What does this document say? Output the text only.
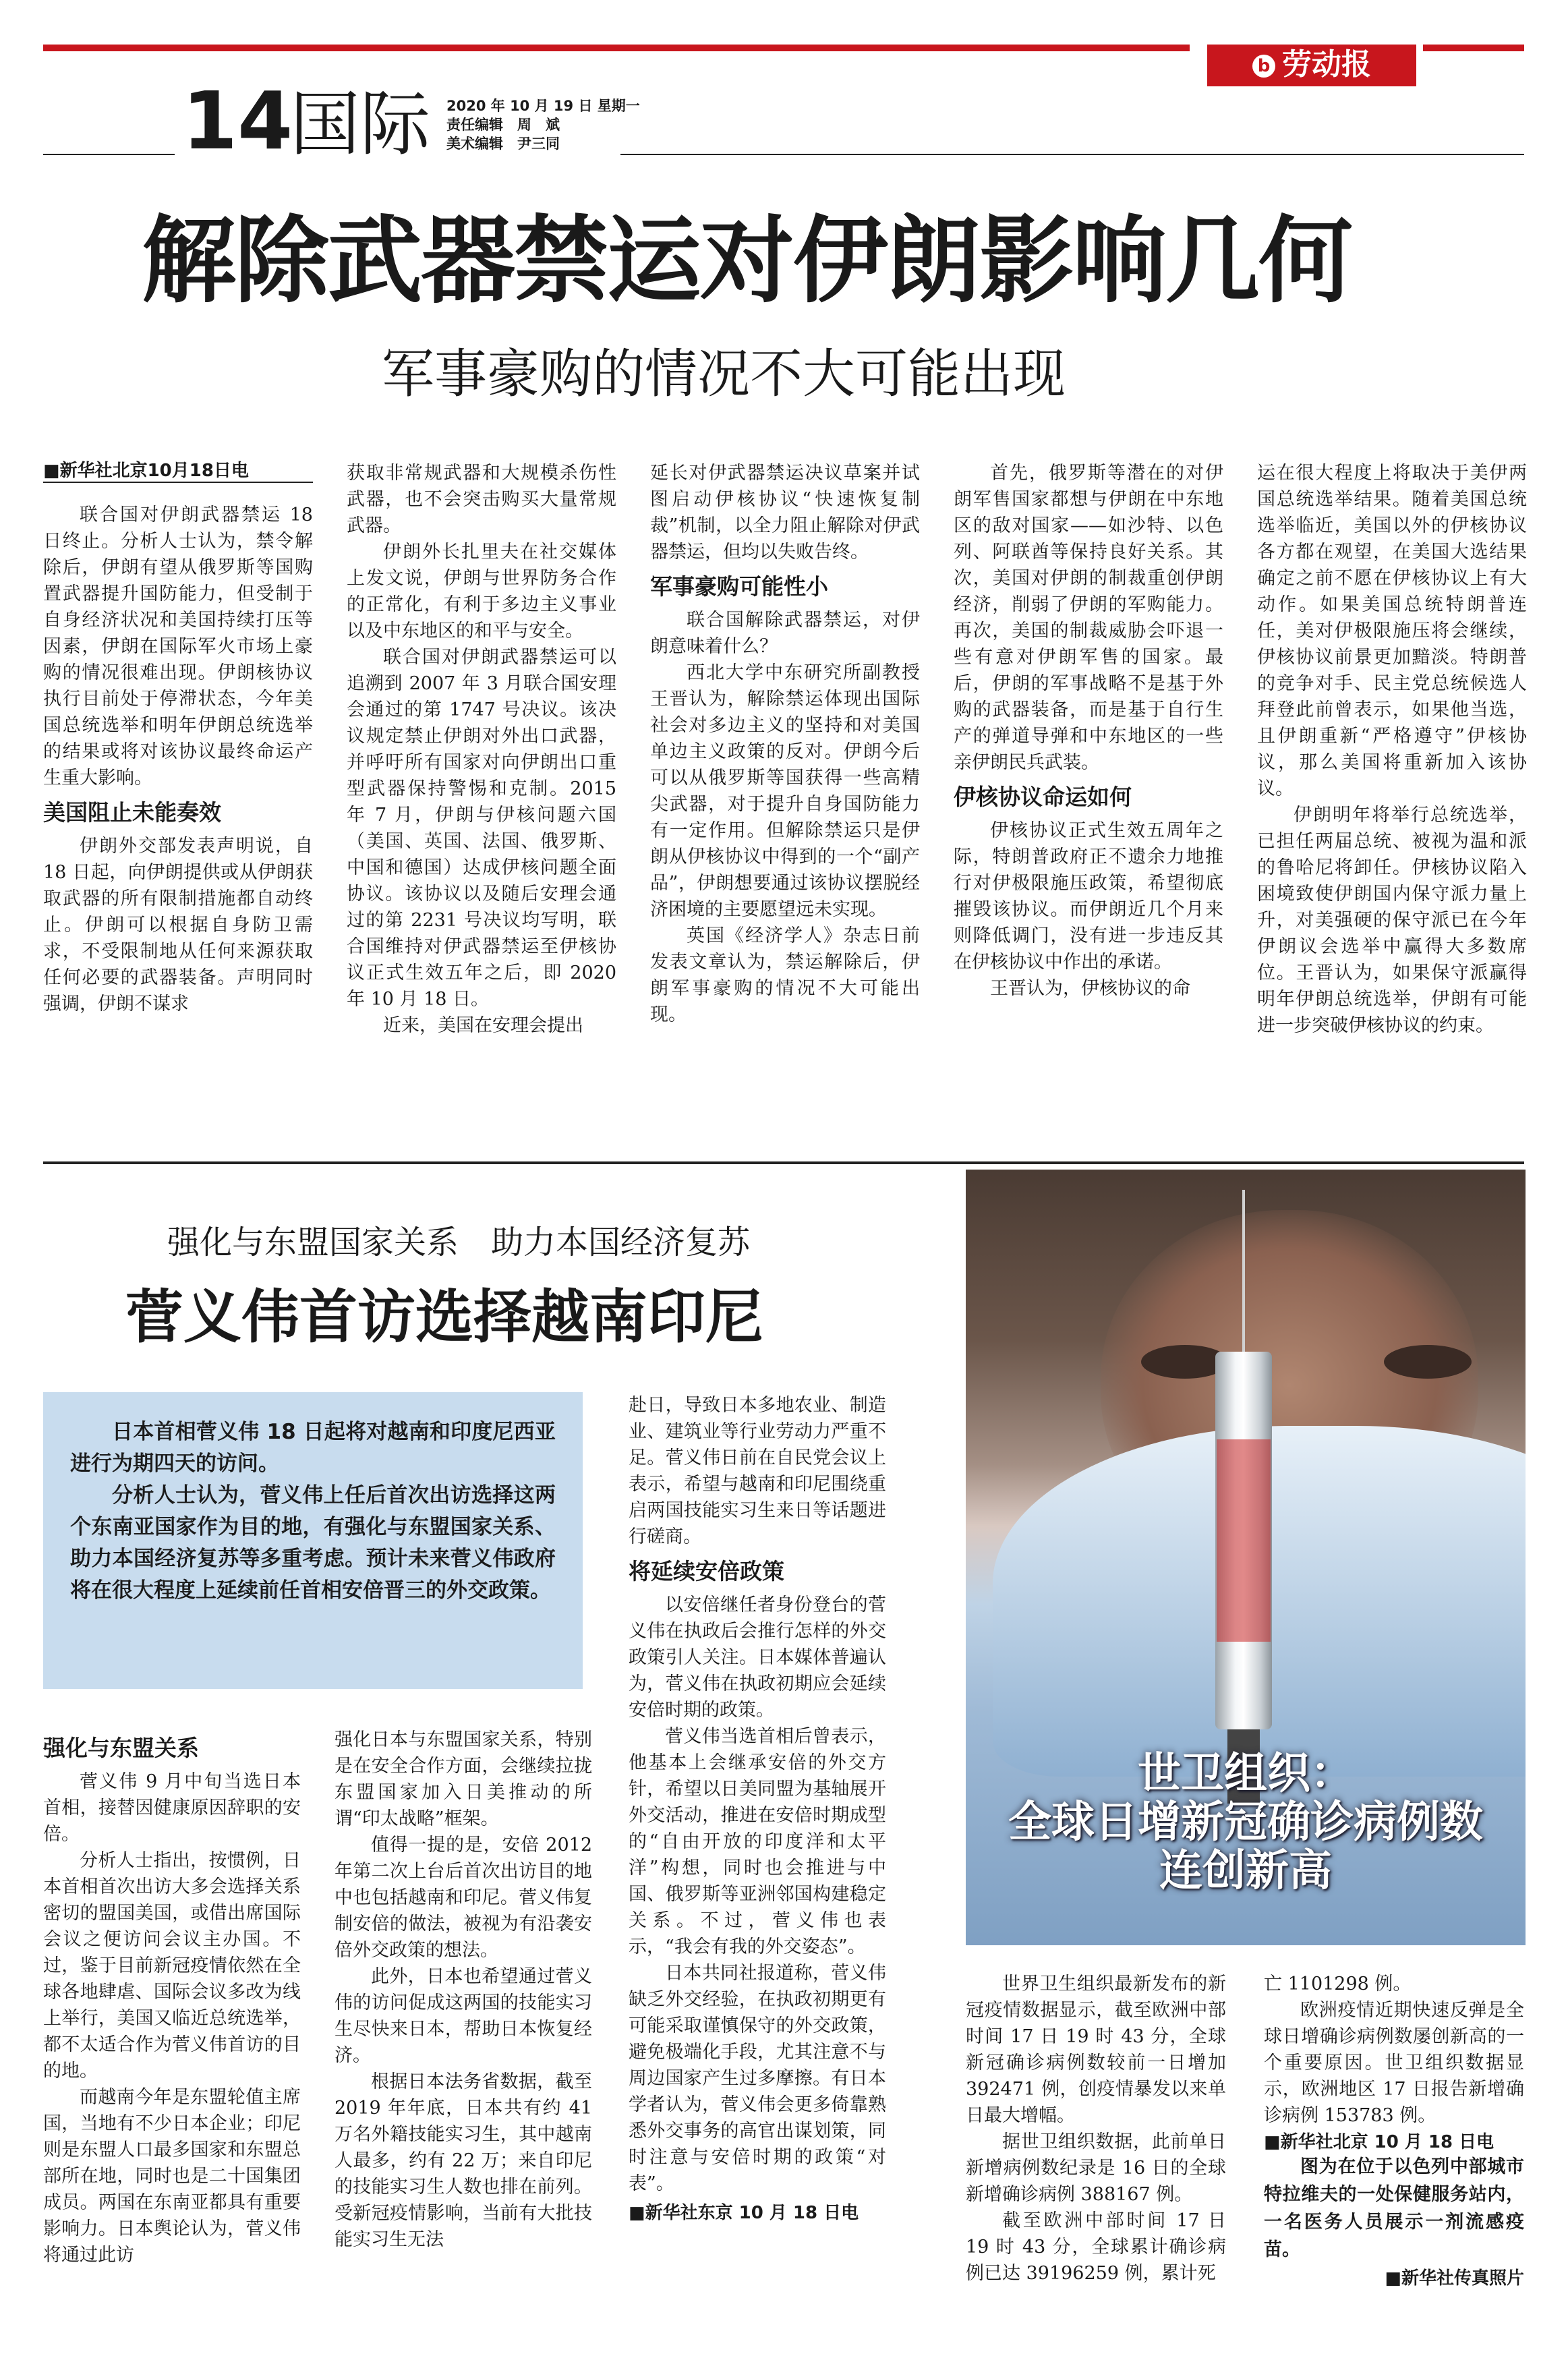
b 劳动报
14
国际 2020 年 10 月 19 日 星期一
责任编辑　周　斌
美术编辑　尹三同
解除武器禁运对伊朗影响几何
军事豪购的情况不大可能出现
■新华社北京10月18日电

联合国对伊朗武器禁运 18 日终止。分析人士认为，禁令解除后，伊朗有望从俄罗斯等国购置武器提升国防能力，但受制于自身经济状况和美国持续打压等因素，伊朗在国际军火市场上豪购的情况很难出现。伊朗核协议执行目前处于停滞状态，今年美国总统选举和明年伊朗总统选举的结果或将对该协议最终命运产生重大影响。

美国阻止未能奏效

伊朗外交部发表声明说，自 18 日起，向伊朗提供或从伊朗获取武器的所有限制措施都自动终止。伊朗可以根据自身防卫需求，不受限制地从任何来源获取任何必要的武器装备。声明同时强调，伊朗不谋求

获取非常规武器和大规模杀伤性武器，也不会突击购买大量常规武器。

伊朗外长扎里夫在社交媒体上发文说，伊朗与世界防务合作的正常化，有利于多边主义事业以及中东地区的和平与安全。

联合国对伊朗武器禁运可以追溯到 2007 年 3 月联合国安理会通过的第 1747 号决议。该决议规定禁止伊朗对外出口武器，并呼吁所有国家对向伊朗出口重型武器保持警惕和克制。2015 年 7 月，伊朗与伊核问题六国（美国、英国、法国、俄罗斯、中国和德国）达成伊核问题全面协议。该协议以及随后安理会通过的第 2231 号决议均写明，联合国维持对伊武器禁运至伊核协议正式生效五年之后，即 2020 年 10 月 18 日。

近来，美国在安理会提出

延长对伊武器禁运决议草案并试图启动伊核协议“快速恢复制裁”机制，以全力阻止解除对伊武器禁运，但均以失败告终。

军事豪购可能性小

联合国解除武器禁运，对伊朗意味着什么？

西北大学中东研究所副教授王晋认为，解除禁运体现出国际社会对多边主义的坚持和对美国单边主义政策的反对。伊朗今后可以从俄罗斯等国获得一些高精尖武器，对于提升自身国防能力有一定作用。但解除禁运只是伊朗从伊核协议中得到的一个“副产品”，伊朗想要通过该协议摆脱经济困境的主要愿望远未实现。

英国《经济学人》杂志日前发表文章认为，禁运解除后，伊朗军事豪购的情况不大可能出现。

首先，俄罗斯等潜在的对伊朗军售国家都想与伊朗在中东地区的敌对国家——如沙特、以色列、阿联酋等保持良好关系。其次，美国对伊朗的制裁重创伊朗经济，削弱了伊朗的军购能力。再次，美国的制裁威胁会吓退一些有意对伊朗军售的国家。最后，伊朗的军事战略不是基于外购的武器装备，而是基于自行生产的弹道导弹和中东地区的一些亲伊朗民兵武装。

伊核协议命运如何

伊核协议正式生效五周年之际，特朗普政府正不遗余力地推行对伊极限施压政策，希望彻底摧毁该协议。而伊朗近几个月来则降低调门，没有进一步违反其在伊核协议中作出的承诺。

王晋认为，伊核协议的命

运在很大程度上将取决于美伊两国总统选举结果。随着美国总统选举临近，美国以外的伊核协议各方都在观望，在美国大选结果确定之前不愿在伊核协议上有大动作。如果美国总统特朗普连任，美对伊极限施压将会继续，伊核协议前景更加黯淡。特朗普的竞争对手、民主党总统候选人拜登此前曾表示，如果他当选，且伊朗重新“严格遵守”伊核协议，那么美国将重新加入该协议。

伊朗明年将举行总统选举，已担任两届总统、被视为温和派的鲁哈尼将卸任。伊核协议陷入困境致使伊朗国内保守派力量上升，对美强硬的保守派已在今年伊朗议会选举中赢得大多数席位。王晋认为，如果保守派赢得明年伊朗总统选举，伊朗有可能进一步突破伊核协议的约束。

强化与东盟国家关系　助力本国经济复苏
菅义伟首访选择越南印尼

日本首相菅义伟 18 日起将对越南和印度尼西亚进行为期四天的访问。

分析人士认为，菅义伟上任后首次出访选择这两个东南亚国家作为目的地，有强化与东盟国家关系、助力本国经济复苏等多重考虑。预计未来菅义伟政府将在很大程度上延续前任首相安倍晋三的外交政策。

强化与东盟关系

菅义伟 9 月中旬当选日本首相，接替因健康原因辞职的安倍。

分析人士指出，按惯例，日本首相首次出访大多会选择关系密切的盟国美国，或借出席国际会议之便访问会议主办国。不过，鉴于目前新冠疫情依然在全球各地肆虐、国际会议多改为线上举行，美国又临近总统选举，都不太适合作为菅义伟首访的目的地。

而越南今年是东盟轮值主席国，当地有不少日本企业；印尼则是东盟人口最多国家和东盟总部所在地，同时也是二十国集团成员。两国在东南亚都具有重要影响力。日本舆论认为，菅义伟将通过此访

强化日本与东盟国家关系，特别是在安全合作方面，会继续拉拢东盟国家加入日美推动的所谓“印太战略”框架。

值得一提的是，安倍 2012 年第二次上台后首次出访目的地中也包括越南和印尼。菅义伟复制安倍的做法，被视为有沿袭安倍外交政策的想法。

此外，日本也希望通过菅义伟的访问促成这两国的技能实习生尽快来日本，帮助日本恢复经济。

根据日本法务省数据，截至 2019 年年底，日本共有约 41 万名外籍技能实习生，其中越南人最多，约有 22 万；来自印尼的技能实习生人数也排在前列。受新冠疫情影响，当前有大批技能实习生无法

赴日，导致日本多地农业、制造业、建筑业等行业劳动力严重不足。菅义伟日前在自民党会议上表示，希望与越南和印尼围绕重启两国技能实习生来日等话题进行磋商。

将延续安倍政策

以安倍继任者身份登台的菅义伟在执政后会推行怎样的外交政策引人关注。日本媒体普遍认为，菅义伟在执政初期应会延续安倍时期的政策。

菅义伟当选首相后曾表示，他基本上会继承安倍的外交方针，希望以日美同盟为基轴展开外交活动，推进在安倍时期成型的“自由开放的印度洋和太平洋”构想，同时也会推进与中国、俄罗斯等亚洲邻国构建稳定关系。不过，菅义伟也表示，“我会有我的外交姿态”。

日本共同社报道称，菅义伟缺乏外交经验，在执政初期更有可能采取谨慎保守的外交政策，避免极端化手段，尤其注意不与周边国家产生过多摩擦。有日本学者认为，菅义伟会更多倚靠熟悉外交事务的高官出谋划策，同时注意与安倍时期的政策“对表”。

■新华社东京 10 月 18 日电
世卫组织：
全球日增新冠确诊病例数
连创新高

世界卫生组织最新发布的新冠疫情数据显示，截至欧洲中部时间 17 日 19 时 43 分，全球新冠确诊病例数较前一日增加 392471 例，创疫情暴发以来单日最大增幅。

据世卫组织数据，此前单日新增病例数纪录是 16 日的全球新增确诊病例 388167 例。

截至欧洲中部时间 17 日 19 时 43 分，全球累计确诊病例已达 39196259 例，累计死

亡 1101298 例。

欧洲疫情近期快速反弹是全球日增确诊病例数屡创新高的一个重要原因。世卫组织数据显示，欧洲地区 17 日报告新增确诊病例 153783 例。

■新华社北京 10 月 18 日电

图为在位于以色列中部城市特拉维夫的一处保健服务站内，一名医务人员展示一剂流感疫苗。

■新华社传真照片
